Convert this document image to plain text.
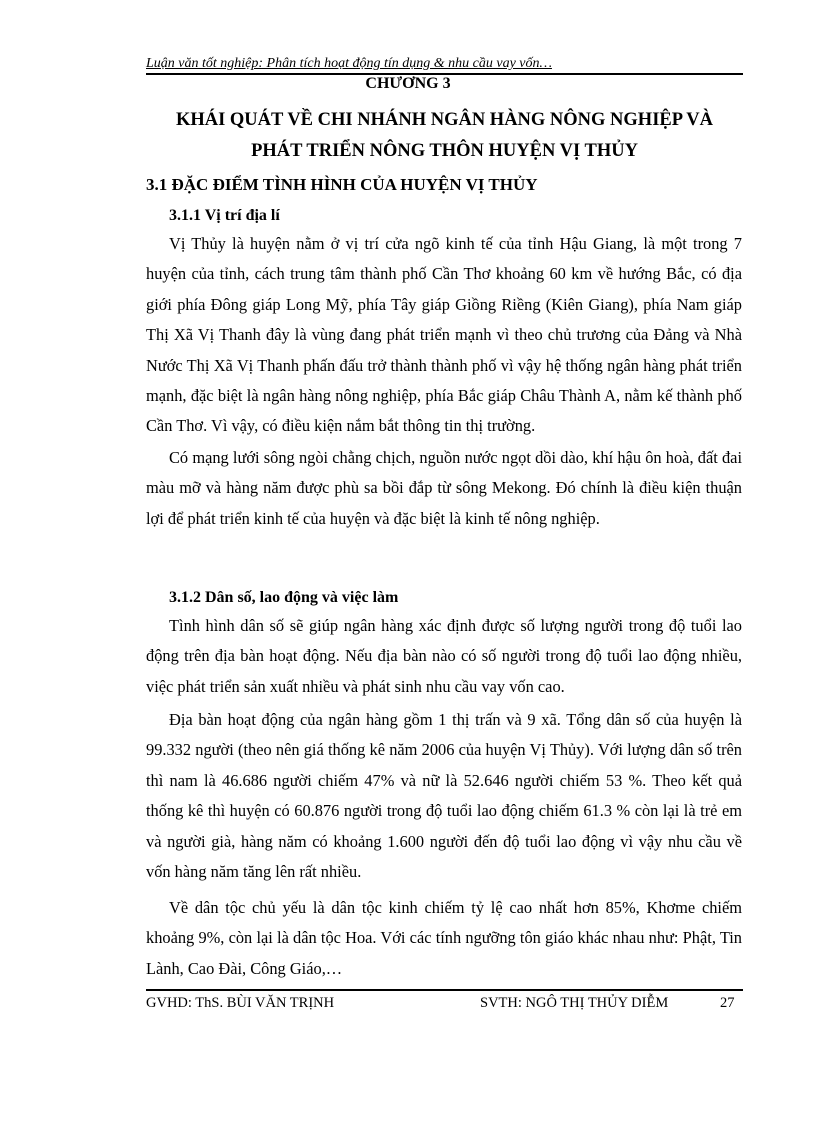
Luận văn tốt nghiệp: Phân tích hoạt động tín dụng & nhu cầu vay vốn…
CHƯƠNG 3
KHÁI QUÁT VỀ CHI NHÁNH NGÂN HÀNG NÔNG NGHIỆP VÀ
PHÁT TRIỂN NÔNG THÔN HUYỆN VỊ THỦY
3.1 ĐẶC ĐIỂM TÌNH HÌNH CỦA HUYỆN VỊ THỦY
3.1.1 Vị trí địa lí

Vị Thủy là huyện nằm ở vị trí cửa ngõ kinh tế của tỉnh Hậu Giang, là một trong 7 huyện của tỉnh, cách trung tâm thành phố Cần Thơ khoảng 60 km về hướng Bắc, có địa giới phía Đông giáp Long Mỹ, phía Tây giáp Giồng Riềng (Kiên Giang), phía Nam giáp Thị Xã Vị Thanh đây là vùng đang phát triển mạnh vì theo chủ trương của Đảng và Nhà Nước Thị Xã Vị Thanh phấn đấu trở thành thành phố vì vậy hệ thống ngân hàng phát triển mạnh, đặc biệt là ngân hàng nông nghiệp, phía Bắc giáp Châu Thành A, nằm kế thành phố Cần Thơ. Vì vậy, có điều kiện nắm bắt thông tin thị trường.

Có mạng lưới sông ngòi chằng chịch, nguồn nước ngọt dồi dào, khí hậu ôn hoà, đất đai màu mỡ và hàng năm được phù sa bồi đắp từ sông Mekong. Đó chính là điều kiện thuận lợi để phát triển kinh tế của huyện và đặc biệt là kinh tế nông nghiệp.

3.1.2 Dân số, lao động và việc làm

Tình hình dân số sẽ giúp ngân hàng xác định được số lượng người trong độ tuổi lao động trên địa bàn hoạt động. Nếu địa bàn nào có số người trong độ tuổi lao động nhiều, việc phát triển sản xuất nhiều và phát sinh nhu cầu vay vốn cao.

Địa bàn hoạt động của ngân hàng gồm 1 thị trấn và 9 xã. Tổng dân số của huyện là 99.332 người (theo nên giá thống kê năm 2006 của huyện Vị Thủy). Với lượng dân số trên thì nam là 46.686 người chiếm 47% và nữ là 52.646 người chiếm 53 %. Theo kết quả thống kê thì huyện có 60.876 người trong độ tuổi lao động chiếm 61.3 % còn lại là trẻ em và người già, hàng năm có khoảng 1.600 người đến độ tuổi lao động vì vậy nhu cầu về vốn hàng năm tăng lên rất nhiều.

Về dân tộc chủ yếu là dân tộc kinh chiếm tỷ lệ cao nhất hơn 85%, Khơme chiếm khoảng 9%, còn lại là dân tộc Hoa. Với các tính ngưỡng tôn giáo khác nhau như: Phật, Tin Lành, Cao Đài, Công Giáo,…

GVHD: ThS. BÙI VĂN TRỊNH	SVTH: NGÔ THỊ THỦY DIỄM	27
